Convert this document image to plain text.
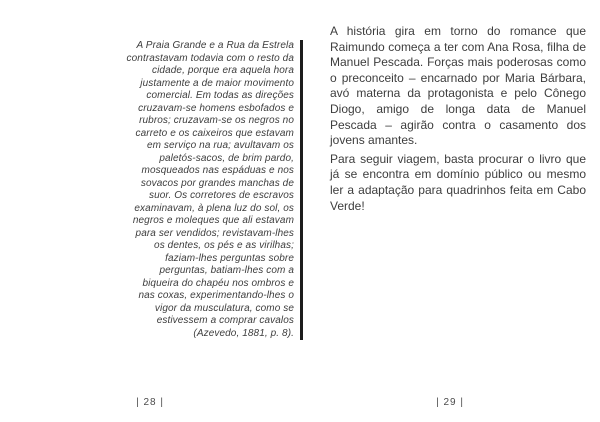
A Praia Grande e a Rua da Estrela contrastavam todavia com o resto da cidade, porque era aquela hora justamente a de maior movimento comercial. Em todas as direções cruzavam-se homens esbofados e rubros; cruzavam-se os negros no carreto e os caixeiros que estavam em serviço na rua; avultavam os paletós-sacos, de brim pardo, mosqueados nas espáduas e nos sovacos por grandes manchas de suor. Os corretores de escravos examinavam, à plena luz do sol, os negros e moleques que ali estavam para ser vendidos; revistavam-lhes os dentes, os pés e as virilhas; faziam-lhes perguntas sobre perguntas, batiam-lhes com a biqueira do chapéu nos ombros e nas coxas, experimentando-lhes o vigor da musculatura, como se estivessem a comprar cavalos

(Azevedo, 1881, p. 8).

| 28 |

A história gira em torno do romance que Raimundo começa a ter com Ana Rosa, filha de Manuel Pescada. Forças mais poderosas como o preconceito – encarnado por Maria Bárbara, avó materna da protagonista e pelo Cônego Diogo, amigo de longa data de Manuel Pescada – agirão contra o casamento dos jovens amantes.

Para seguir viagem, basta procurar o livro que já se encontra em domínio público ou mesmo ler a adaptação para quadrinhos feita em Cabo Verde!

| 29 |
